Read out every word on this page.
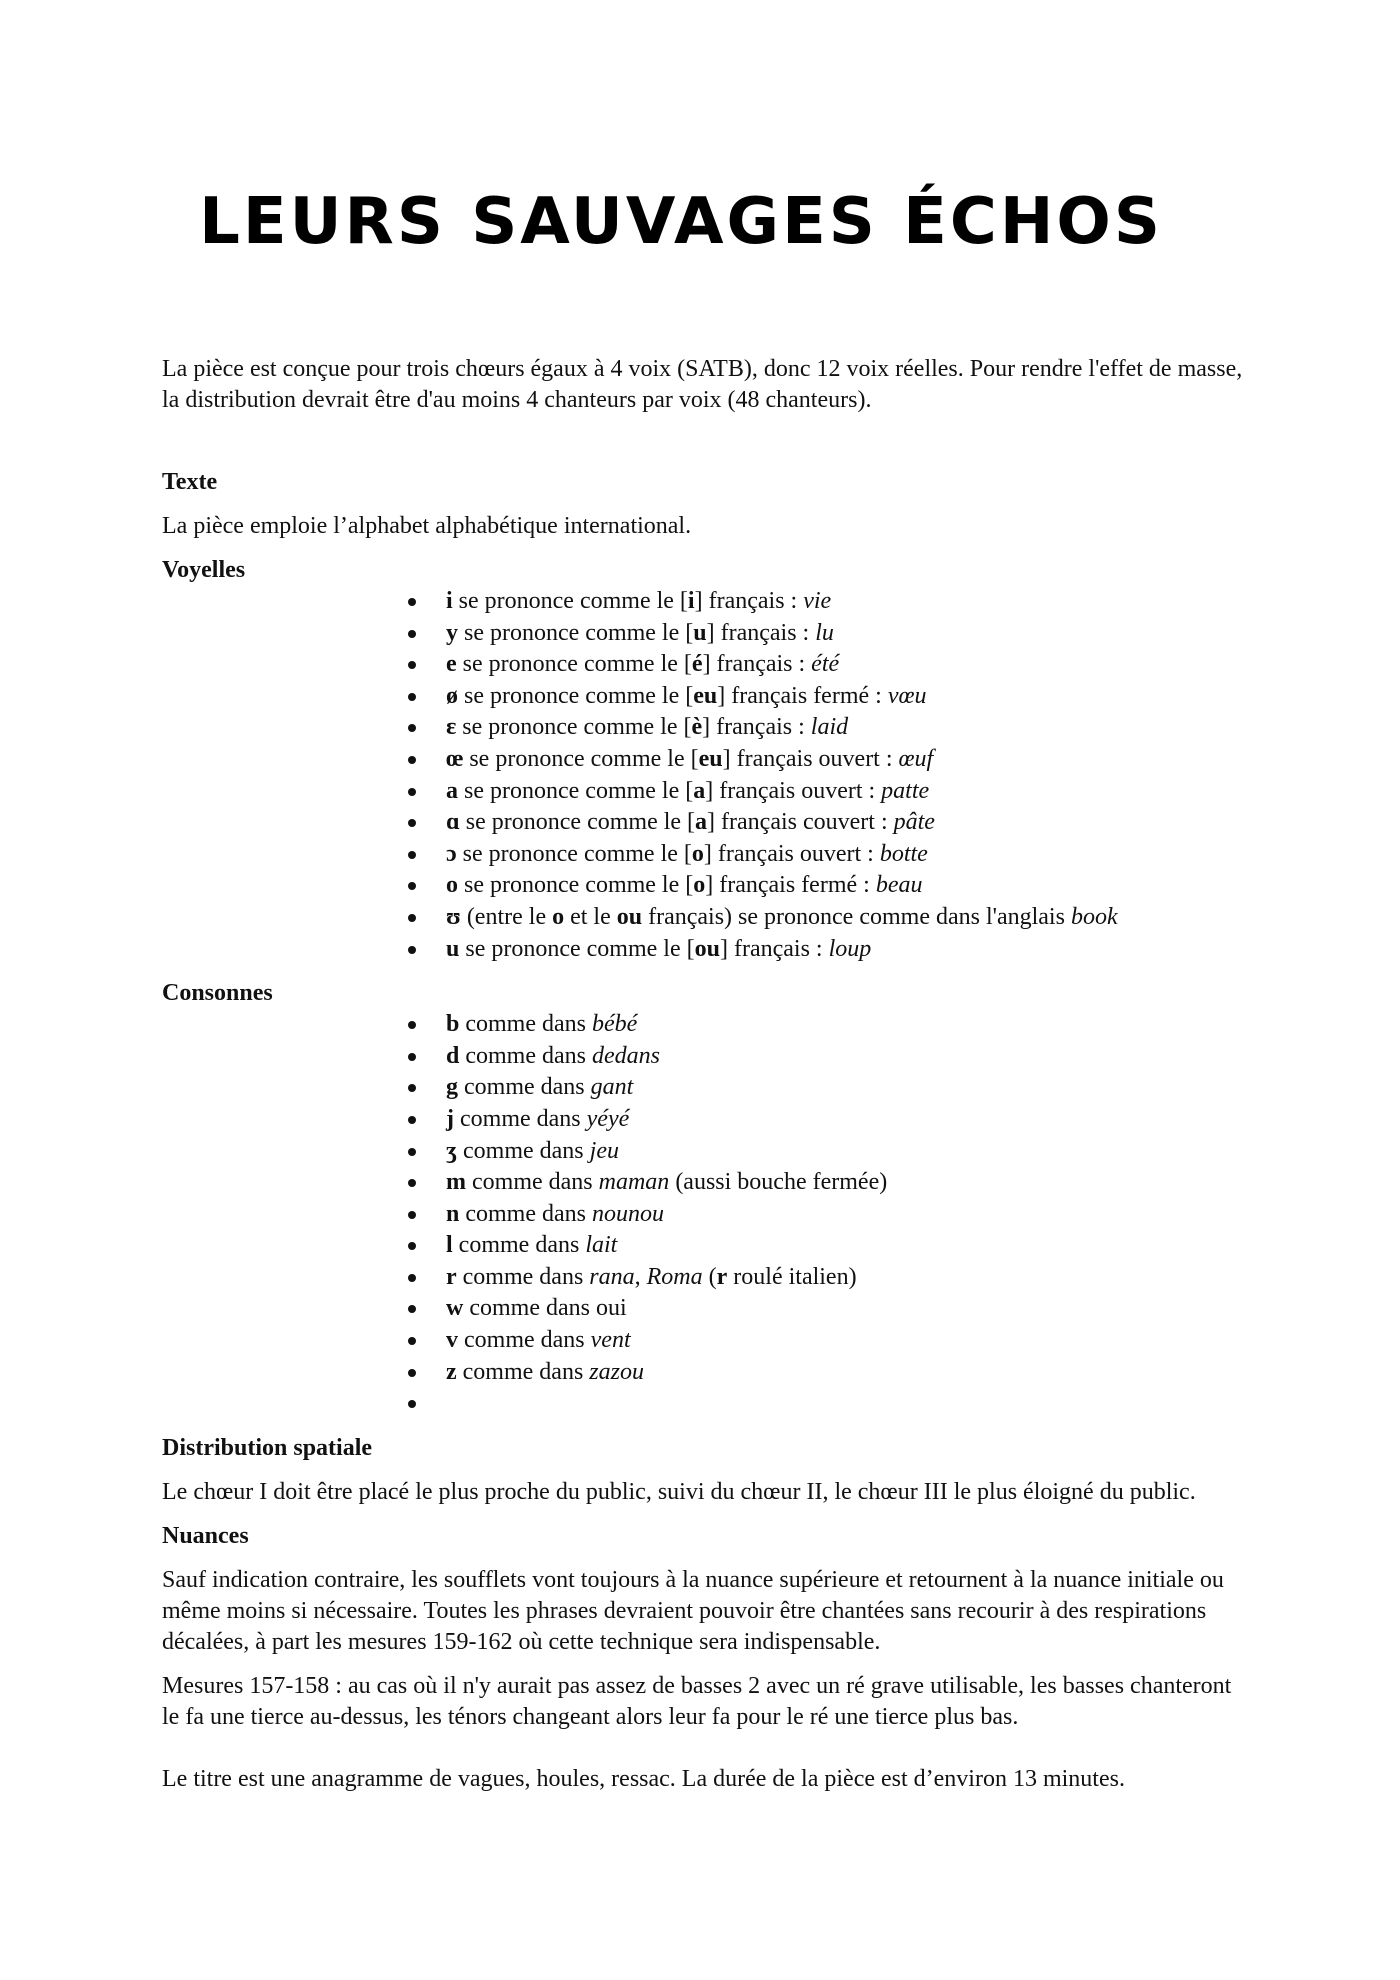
LEURS SAUVAGES ÉCHOS

La pièce est conçue pour trois chœurs égaux à 4 voix (SATB), donc 12 voix réelles. Pour rendre l'effet de masse, la distribution devrait être d'au moins 4 chanteurs par voix (48 chanteurs).

Texte

La pièce emploie l’alphabet alphabétique international.

Voyelles

i se prononce comme le [i] français : vie
y se prononce comme le [u] français : lu
e se prononce comme le [é] français : été
ø se prononce comme le [eu] français fermé : vœu
ɛ se prononce comme le [è] français : laid
œ se prononce comme le [eu] français ouvert : œuf
a se prononce comme le [a] français ouvert : patte
ɑ se prononce comme le [a] français couvert : pâte
ɔ se prononce comme le [o] français ouvert : botte
o se prononce comme le [o] français fermé : beau
ʊ (entre le o et le ou français) se prononce comme dans l'anglais book
u se prononce comme le [ou] français : loup

Consonnes

b comme dans bébé
d comme dans dedans
g comme dans gant
j comme dans yéyé
ʒ comme dans jeu
m comme dans maman (aussi bouche fermée)
n comme dans nounou
l comme dans lait
r comme dans rana, Roma (r roulé italien)
w comme dans oui
v comme dans vent
z comme dans zazou

Distribution spatiale

Le chœur I doit être placé le plus proche du public, suivi du chœur II, le chœur III le plus éloigné du public.

Nuances

Sauf indication contraire, les soufflets vont toujours à la nuance supérieure et retournent à la nuance initiale ou même moins si nécessaire. Toutes les phrases devraient pouvoir être chantées sans recourir à des respirations décalées, à part les mesures 159-162 où cette technique sera indispensable.

Mesures 157-158 : au cas où il n'y aurait pas assez de basses 2 avec un ré grave utilisable, les basses chanteront le fa une tierce au-dessus, les ténors changeant alors leur fa pour le ré une tierce plus bas.

Le titre est une anagramme de vagues, houles, ressac. La durée de la pièce est d’environ 13 minutes.
